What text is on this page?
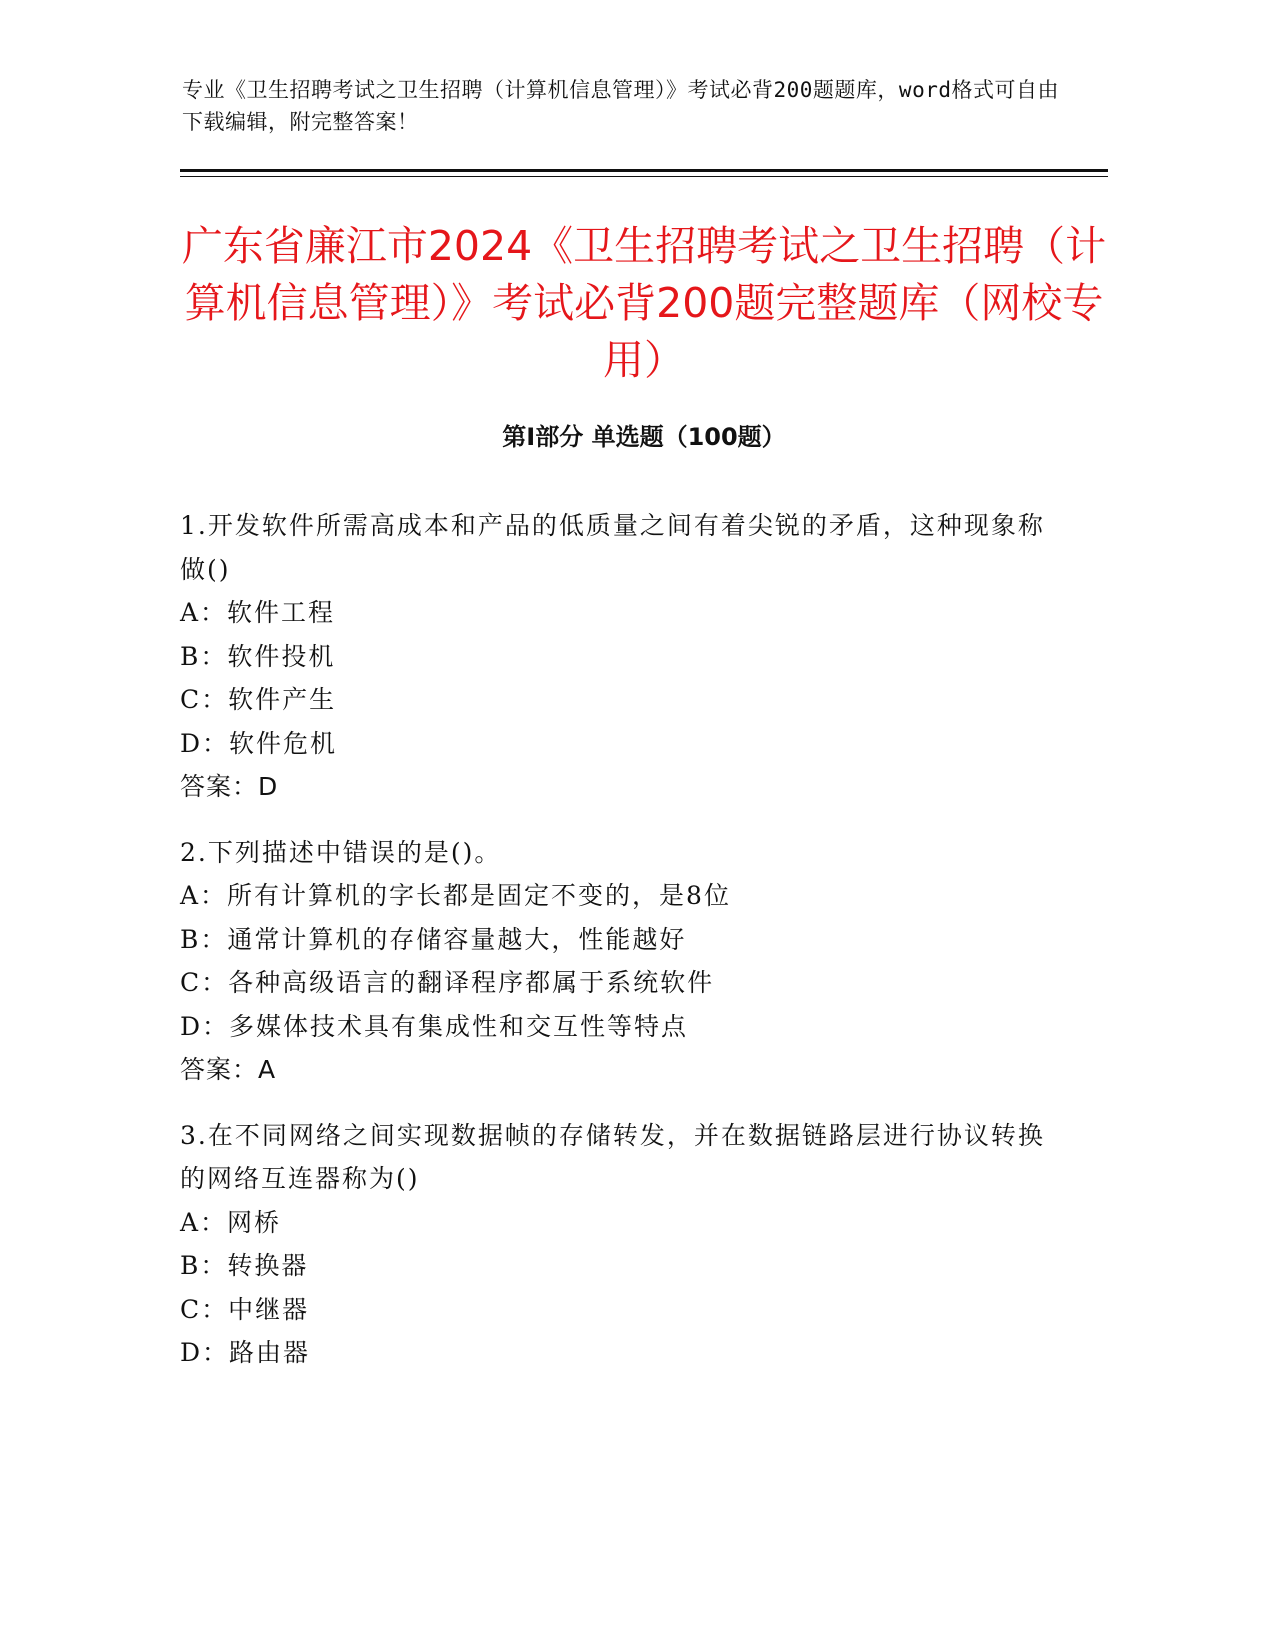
专业《卫生招聘考试之卫生招聘（计算机信息管理）》考试必背200题题库，word格式可自由下载编辑，附完整答案！
广东省廉江市2024《卫生招聘考试之卫生招聘（计算机信息管理）》考试必背200题完整题库（网校专用）
第Ⅰ部分 单选题（100题）
1.开发软件所需高成本和产品的低质量之间有着尖锐的矛盾，这种现象称做()
A：软件工程
B：软件投机
C：软件产生
D：软件危机
答案：D
2.下列描述中错误的是()。
A：所有计算机的字长都是固定不变的，是8位
B：通常计算机的存储容量越大，性能越好
C：各种高级语言的翻译程序都属于系统软件
D：多媒体技术具有集成性和交互性等特点
答案：A
3.在不同网络之间实现数据帧的存储转发，并在数据链路层进行协议转换的网络互连器称为()
A：网桥
B：转换器
C：中继器
D：路由器
